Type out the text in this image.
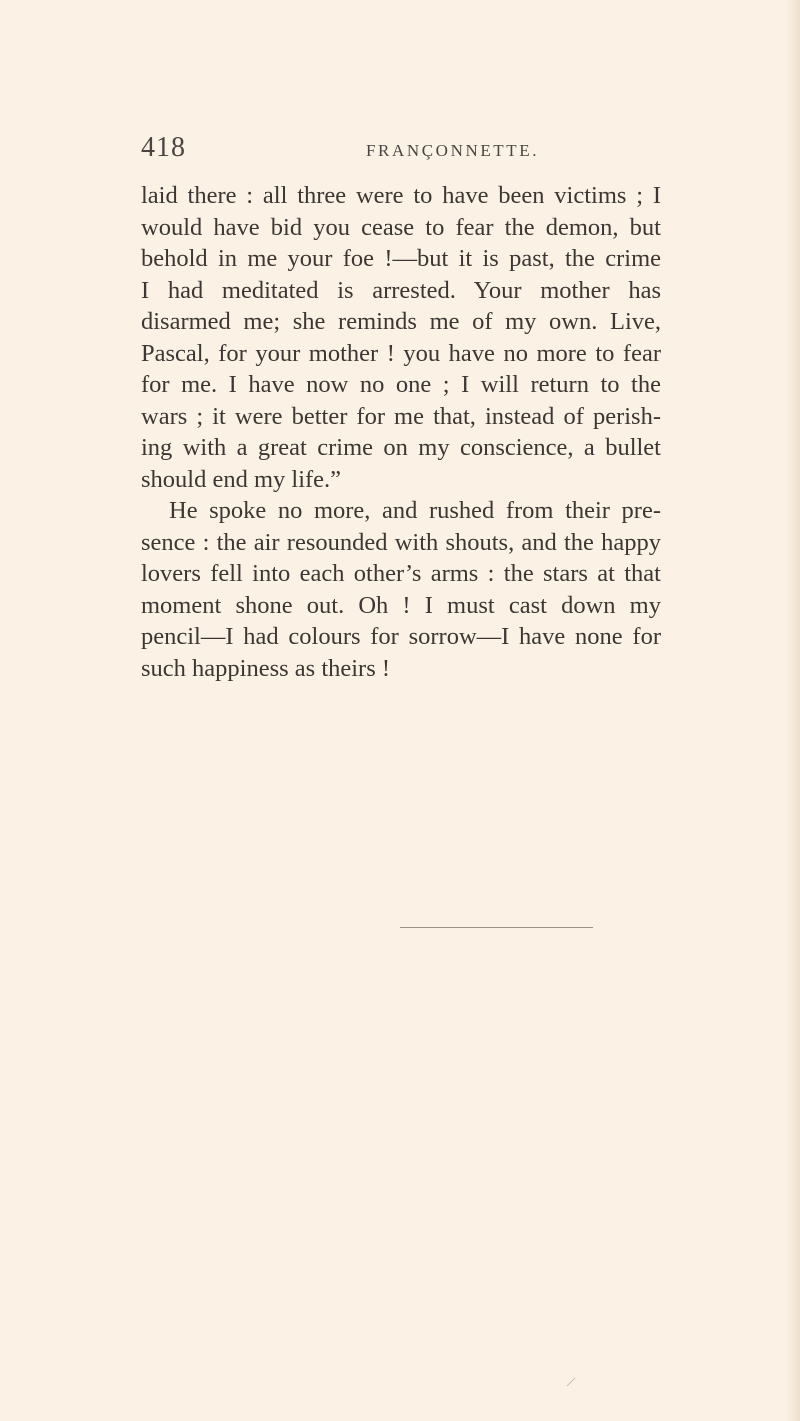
418	FRANÇONNETTE.
laid there : all three were to have been victims ; I
would have bid you cease to fear the demon, but
behold in me your foe !—but it is past, the crime
I had meditated is arrested. Your mother has
disarmed me; she reminds me of my own. Live,
Pascal, for your mother ! you have no more to fear
for me. I have now no one ; I will return to the
wars ; it were better for me that, instead of perish-
ing with a great crime on my conscience, a bullet
should end my life.”
He spoke no more, and rushed from their pre-
sence : the air resounded with shouts, and the happy
lovers fell into each other’s arms : the stars at that
moment shone out. Oh ! I must cast down my
pencil—I had colours for sorrow—I have none for
such happiness as theirs !
